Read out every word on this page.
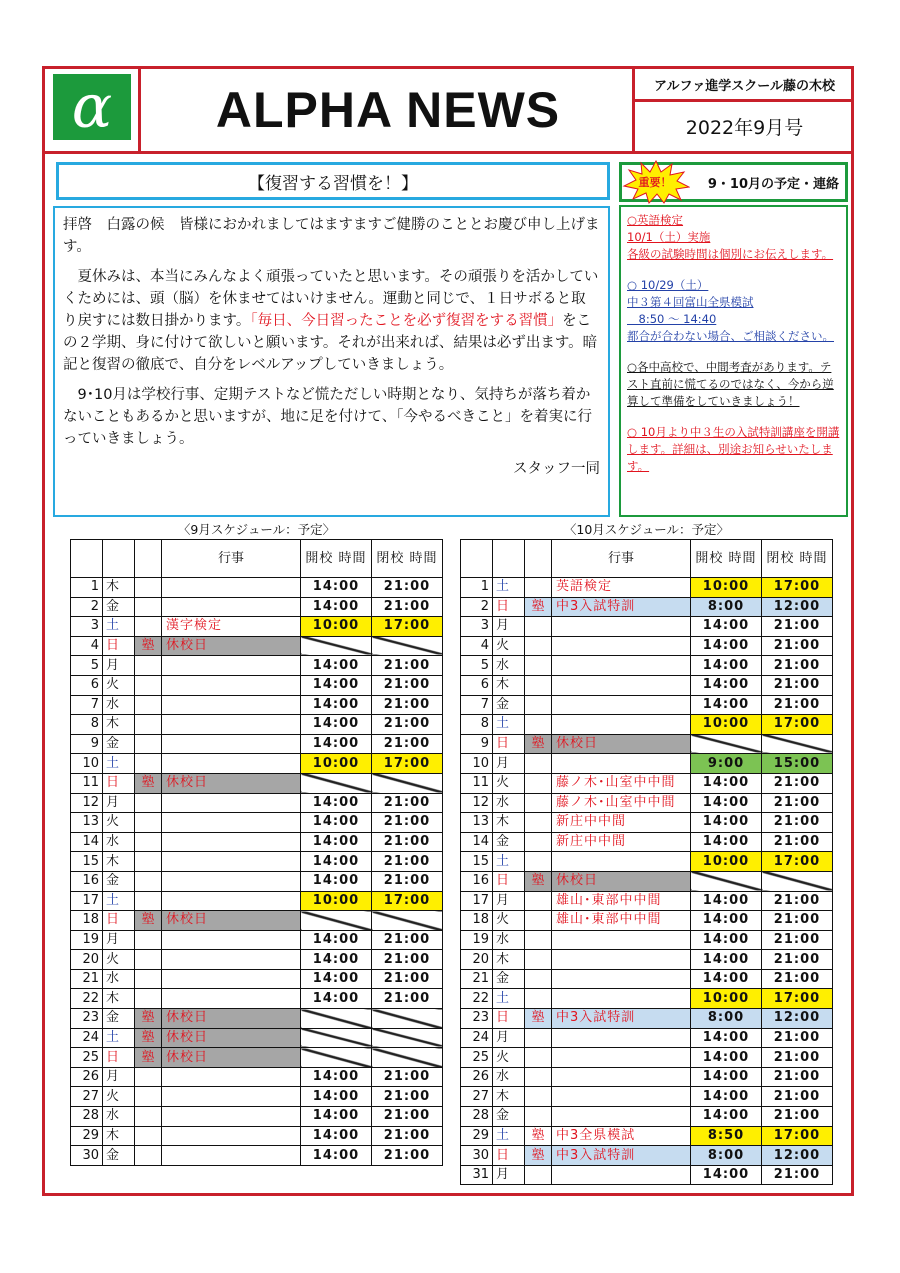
α	ALPHA NEWS	アルファ進学スクール藤の木校
2022年9月号
【復習する習慣を！】

拝啓　白露の候　皆様におかれましてはますますご健勝のこととお慶び申し上げます。

　夏休みは、本当にみんなよく頑張っていたと思います。その頑張りを活かしていくためには、頭（脳）を休ませてはいけません。運動と同じで、１日サボると取り戻すには数日掛かります。「毎日、今日習ったことを必ず復習をする習慣」をこの２学期、身に付けて欲しいと願います。それが出来れば、結果は必ず出ます。暗記と復習の徹底で、自分をレベルアップしていきましょう。

　9･10月は学校行事、定期テストなど慌ただしい時期となり、気持ちが落ち着かないこともあるかと思いますが、地に足を付けて、「今やるべきこと」を着実に行っていきましょう。

スタッフ一同

9・10月の予定・連絡
重要！
○英語検定
10/1（土）実施
各級の試験時間は個別にお伝えします。
○ 10/29（土）
中３第４回富山全県模試
　8:50 ～ 14:40
都合が合わない場合、ご相談ください。
○各中高校で、中間考査があります。テスト直前に慌てるのではなく、今から逆算して準備をしていきましょう！
○ 10月より中３生の入試特訓講座を開講します。詳細は、別途お知らせいたします。
〈9月スケジュール：予定〉	〈10月スケジュール：予定〉
			行事	開校 時間	閉校 時間
1	木			14:00	21:00
2	金			14:00	21:00
3	土		漢字検定	10:00	17:00
4	日	塾	休校日		
5	月			14:00	21:00
6	火			14:00	21:00
7	水			14:00	21:00
8	木			14:00	21:00
9	金			14:00	21:00
10	土			10:00	17:00
11	日	塾	休校日		
12	月			14:00	21:00
13	火			14:00	21:00
14	水			14:00	21:00
15	木			14:00	21:00
16	金			14:00	21:00
17	土			10:00	17:00
18	日	塾	休校日		
19	月			14:00	21:00
20	火			14:00	21:00
21	水			14:00	21:00
22	木			14:00	21:00
23	金	塾	休校日		
24	土	塾	休校日		
25	日	塾	休校日		
26	月			14:00	21:00
27	火			14:00	21:00
28	水			14:00	21:00
29	木			14:00	21:00
30	金			14:00	21:00
			行事	開校 時間	閉校 時間
1	土		英語検定	10:00	17:00
2	日	塾	中3入試特訓	8:00	12:00
3	月			14:00	21:00
4	火			14:00	21:00
5	水			14:00	21:00
6	木			14:00	21:00
7	金			14:00	21:00
8	土			10:00	17:00
9	日	塾	休校日		
10	月			9:00	15:00
11	火		藤ノ木･山室中中間	14:00	21:00
12	水		藤ノ木･山室中中間	14:00	21:00
13	木		新庄中中間	14:00	21:00
14	金		新庄中中間	14:00	21:00
15	土			10:00	17:00
16	日	塾	休校日		
17	月		雄山･東部中中間	14:00	21:00
18	火		雄山･東部中中間	14:00	21:00
19	水			14:00	21:00
20	木			14:00	21:00
21	金			14:00	21:00
22	土			10:00	17:00
23	日	塾	中3入試特訓	8:00	12:00
24	月			14:00	21:00
25	火			14:00	21:00
26	水			14:00	21:00
27	木			14:00	21:00
28	金			14:00	21:00
29	土	塾	中3全県模試	8:50	17:00
30	日	塾	中3入試特訓	8:00	12:00
31	月			14:00	21:00
